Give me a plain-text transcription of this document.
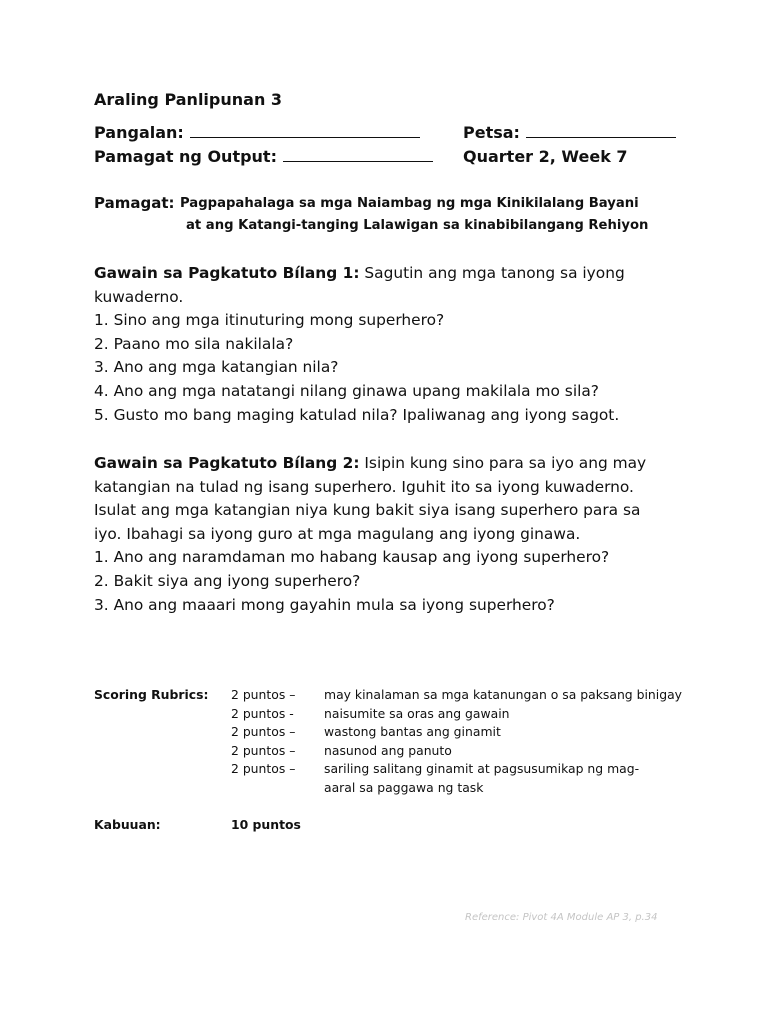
Araling Panlipunan 3
Pangalan:
Pamagat ng Output:
Petsa:
Quarter 2, Week 7
Pamagat: Pagpapahalaga sa mga Naiambag ng mga Kinikilalang Bayani
at ang Katangi-tanging Lalawigan sa kinabibilangang Rehiyon
Gawain sa Pagkatuto Bílang 1: Sagutin ang mga tanong sa iyong kuwaderno.
1. Sino ang mga itinuturing mong superhero?
2. Paano mo sila nakilala?
3. Ano ang mga katangian nila?
4. Ano ang mga natatangi nilang ginawa upang makilala mo sila?
5. Gusto mo bang maging katulad nila? Ipaliwanag ang iyong sagot.
Gawain sa Pagkatuto Bílang 2: Isipin kung sino para sa iyo ang may katangian na tulad ng isang superhero. Iguhit ito sa iyong kuwaderno. Isulat ang mga katangian niya kung bakit siya isang superhero para sa iyo. Ibahagi sa iyong guro at mga magulang ang iyong ginawa.
1. Ano ang naramdaman mo habang kausap ang iyong superhero?
2. Bakit siya ang iyong superhero?
3. Ano ang maaari mong gayahin mula sa iyong superhero?
Scoring Rubrics: 2 puntos –
2 puntos -
2 puntos –
2 puntos –
2 puntos –
may kinalaman sa mga katanungan o sa paksang binigay
naisumite sa oras ang gawain
wastong bantas ang ginamit
nasunod ang panuto
sariling salitang ginamit at pagsusumikap ng mag-
aaral sa paggawa ng task
Kabuuan:	10 puntos
Reference: Pivot 4A Module AP 3, p.34
